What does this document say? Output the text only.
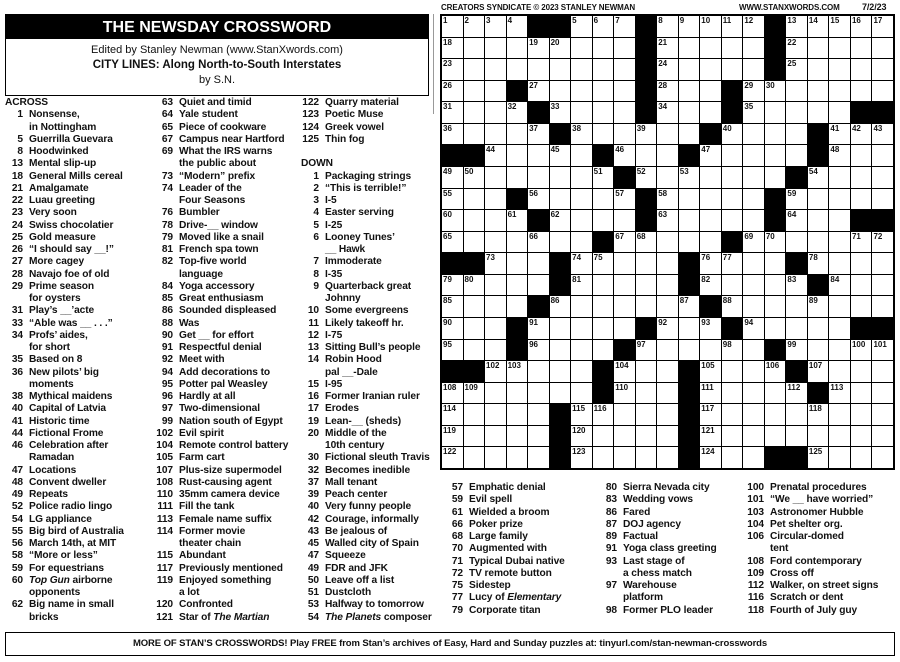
CREATORS SYNDICATE © 2023 STANLEY NEWMAN	WWW.STANXWORDS.COM 7/2/23
THE NEWSDAY CROSSWORD
Edited by Stanley Newman (www.StanXwords.com)
CITY LINES: Along North-to-South Interstates
by S.N.
ACROSS
1 Nonsense,
in Nottingham
5 Guerrilla Guevara
8 Hoodwinked
13 Mental slip-up
18 General Mills cereal
21 Amalgamate
22 Luau greeting
23 Very soon
24 Swiss chocolatier
25 Gold measure
26 “I should say __!”
27 More cagey
28 Navajo foe of old
29 Prime season
for oysters
31 Play’s __’acte
33 “Able was __ . . .”
34 Profs’ aides,
for short
35 Based on 8
36 New pilots’ big
moments
38 Mythical maidens
40 Capital of Latvia
41 Historic time
44 Fictional Frome
46 Celebration after
Ramadan
47 Locations
48 Convent dweller
49 Repeats
52 Police radio lingo
54 LG appliance
55 Big bird of Australia
56 March 14th, at MIT
58 “More or less”
59 For equestrians
60 Top Gun airborne
opponents
62 Big name in small
bricks
63 Quiet and timid
64 Yale student
65 Piece of cookware
67 Campus near Hartford
69 What the IRS warns
the public about
73 “Modern” prefix
74 Leader of the
Four Seasons
76 Bumbler
78 Drive-__ window
79 Moved like a snail
81 French spa town
82 Top-five world
language
84 Yoga accessory
85 Great enthusiasm
86 Sounded displeased
88 Was
90 Get __ for effort
91 Respectful denial
92 Meet with
94 Add decorations to
95 Potter pal Weasley
96 Hardly at all
97 Two-dimensional
99 Nation south of Egypt
102 Evil spirit
104 Remote control battery
105 Farm cart
107 Plus-size supermodel
108 Rust-causing agent
110 35mm camera device
111 Fill the tank
113 Female name suffix
114 Former movie
theater chain
115 Abundant
117 Previously mentioned
119 Enjoyed something
a lot
120 Confronted
121 Star of The Martian
122 Quarry material
123 Poetic Muse
124 Greek vowel
125 Thin fog
DOWN
1 Packaging strings
2 “This is terrible!”
3 I-5
4 Easter serving
5 I-25
6 Looney Tunes’
__ Hawk
7 Immoderate
8 I-35
9 Quarterback great
Johnny
10 Some evergreens
11 Likely takeoff hr.
12 I-75
13 Sitting Bull’s people
14 Robin Hood
pal __-Dale
15 I-95
16 Former Iranian ruler
17 Erodes
19 Lean-__ (sheds)
20 Middle of the
10th century
30 Fictional sleuth Travis
32 Becomes inedible
37 Mall tenant
39 Peach center
40 Very funny people
42 Courage, informally
43 Be jealous of
45 Walled city of Spain
47 Squeeze
49 FDR and JFK
50 Leave off a list
51 Dustcloth
53 Halfway to tomorrow
54 The Planets composer
57 Emphatic denial
59 Evil spell
61 Wielded a broom
66 Poker prize
68 Large family
70 Augmented with
71 Typical Dubai native
72 TV remote button
75 Sidestep
77 Lucy of Elementary
79 Corporate titan
80 Sierra Nevada city
83 Wedding vows
86 Fared
87 DOJ agency
89 Factual
91 Yoga class greeting
93 Last stage of
a chess match
97 Warehouse
platform
98 Former PLO leader
100 Prenatal procedures
101 “We __ have worried”
103 Astronomer Hubble
104 Pet shelter org.
106 Circular-domed
tent
108 Ford contemporary
109 Cross off
112 Walker, on street signs
116 Scratch or dent
118 Fourth of July guy
1 2 3 4	5 6 7	8 9 10 11 12	13 14 15 16 17
18	19 20	21	22
23	24	25
26	27	28	29 30
31	32	33	34	35
36	37	38	39	40	41 42 43
44	45	46	47	48
49 50	51	52	53	54
55	56	57	58	59
60	61	62	63	64
65	66	67 68	69 70	71 72
73	74 75	76 77	78
79 80	81	82	83	84
85	86	87	88	89
90	91	92	93	94
95	96	97	98	99	100 101
102 103	104	105	106	107
108 109	110	111	112	113
114	115 116	117	118
119	120	121
122	123	124	125
MORE OF STAN’S CROSSWORDS! Play FREE from Stan’s archives of Easy, Hard and Sunday puzzles at: tinyurl.com/stan-newman-crosswords
